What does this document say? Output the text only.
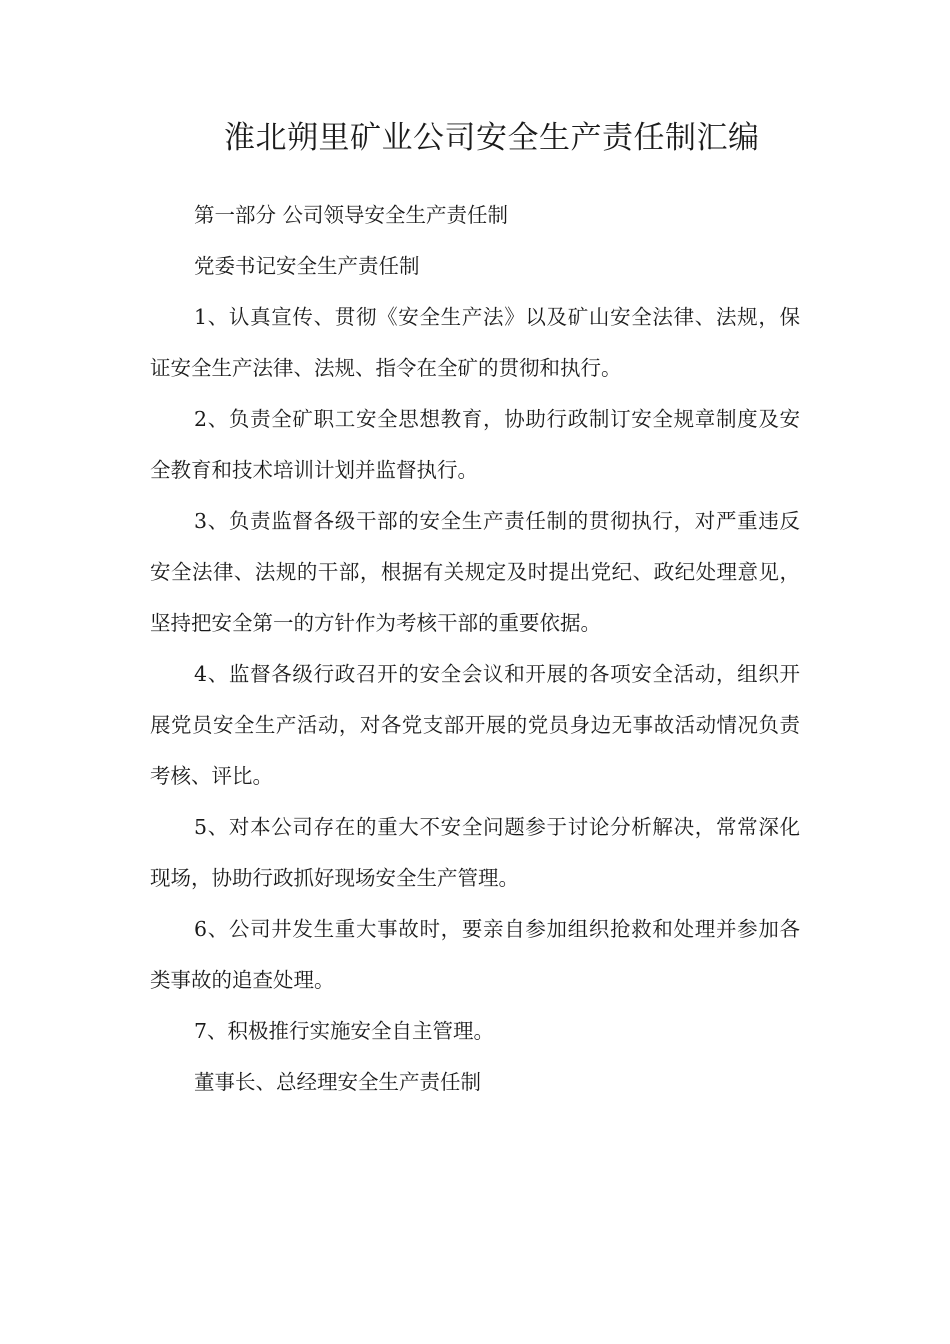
淮北朔里矿业公司安全生产责任制汇编

第一部分 公司领导安全生产责任制

党委书记安全生产责任制

1、认真宣传、贯彻《安全生产法》以及矿山安全法律、法规，保证安全生产法律、法规、指令在全矿的贯彻和执行。

2、负责全矿职工安全思想教育，协助行政制订安全规章制度及安全教育和技术培训计划并监督执行。

3、负责监督各级干部的安全生产责任制的贯彻执行，对严重违反安全法律、法规的干部，根据有关规定及时提出党纪、政纪处理意见，坚持把安全第一的方针作为考核干部的重要依据。

4、监督各级行政召开的安全会议和开展的各项安全活动，组织开展党员安全生产活动，对各党支部开展的党员身边无事故活动情况负责考核、评比。

5、对本公司存在的重大不安全问题参于讨论分析解决，常常深化现场，协助行政抓好现场安全生产管理。

6、公司井发生重大事故时，要亲自参加组织抢救和处理并参加各类事故的追查处理。

7、积极推行实施安全自主管理。

董事长、总经理安全生产责任制
